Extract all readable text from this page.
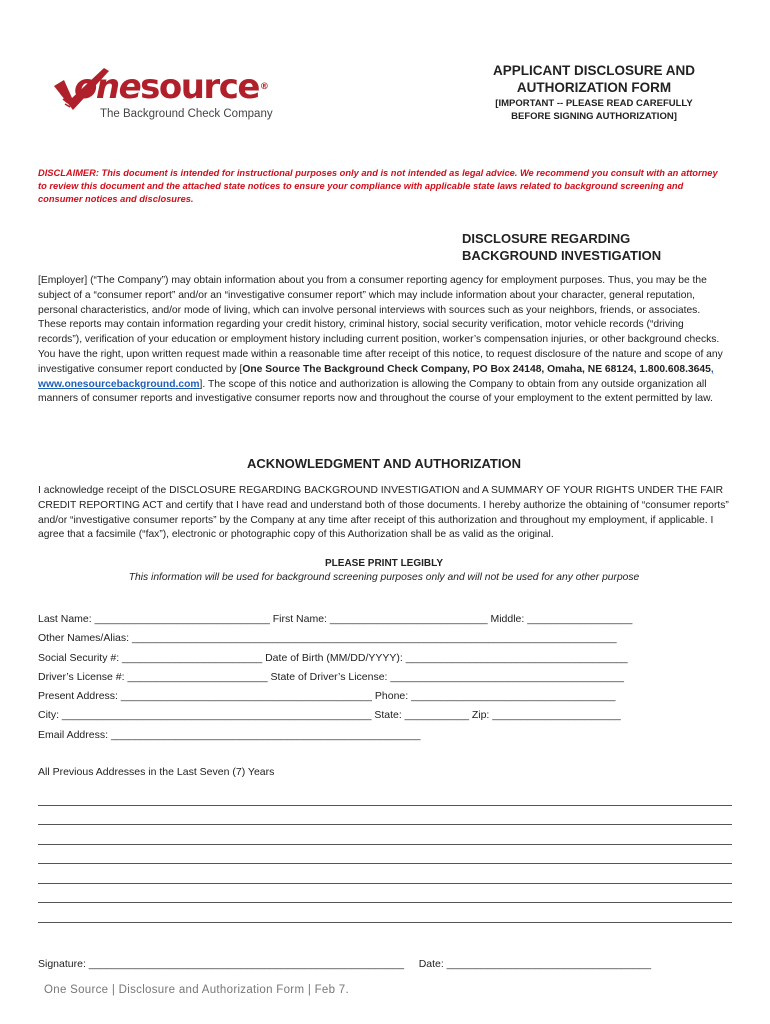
onesource®
The Background Check Company
APPLICANT DISCLOSURE AND
AUTHORIZATION FORM
[IMPORTANT -- PLEASE READ CAREFULLY
BEFORE SIGNING AUTHORIZATION]
DISCLAIMER: This document is intended for instructional purposes only and is not intended as legal advice. We recommend you consult with an attorney to review this document and the attached state notices to ensure your compliance with applicable state laws related to background screening and consumer notices and disclosures.
DISCLOSURE REGARDING
BACKGROUND INVESTIGATION
[Employer] (“The Company”) may obtain information about you from a consumer reporting agency for employment purposes. Thus, you may be the subject of a “consumer report” and/or an “investigative consumer report” which may include information about your character, general reputation, personal characteristics, and/or mode of living, which can involve personal interviews with sources such as your neighbors, friends, or associates. These reports may contain information regarding your credit history, criminal history, social security verification, motor vehicle records (“driving records”), verification of your education or employment history including current position, worker’s compensation injuries, or other background checks. You have the right, upon written request made within a reasonable time after receipt of this notice, to request disclosure of the nature and scope of any investigative consumer report conducted by [One Source The Background Check Company, PO Box 24148, Omaha, NE 68124, 1.800.608.3645, www.onesourcebackground.com]. The scope of this notice and authorization is allowing the Company to obtain from any outside organization all manners of consumer reports and investigative consumer reports now and throughout the course of your employment to the extent permitted by law.
ACKNOWLEDGMENT AND AUTHORIZATION
I acknowledge receipt of the DISCLOSURE REGARDING BACKGROUND INVESTIGATION and A SUMMARY OF YOUR RIGHTS UNDER THE FAIR CREDIT REPORTING ACT and certify that I have read and understand both of those documents. I hereby authorize the obtaining of “consumer reports” and/or “investigative consumer reports” by the Company at any time after receipt of this authorization and throughout my employment, if applicable. I agree that a facsimile (“fax”), electronic or photographic copy of this Authorization shall be as valid as the original.
PLEASE PRINT LEGIBLY
This information will be used for background screening purposes only and will not be used for any other purpose
Last Name: ______________________________ First Name: ___________________________ Middle: __________________
Other Names/Alias: ___________________________________________________________________________________
Social Security #: ________________________ Date of Birth (MM/DD/YYYY): ______________________________________
Driver’s License #: ________________________ State of Driver’s License: ________________________________________
Present Address: ___________________________________________ Phone: ___________________________________
City: _____________________________________________________ State: ___________ Zip: ______________________
Email Address: _____________________________________________________
All Previous Addresses in the Last Seven (7) Years
Signature: ______________________________________________________     Date: ___________________________________
One Source | Disclosure and Authorization Form | Feb 7.
